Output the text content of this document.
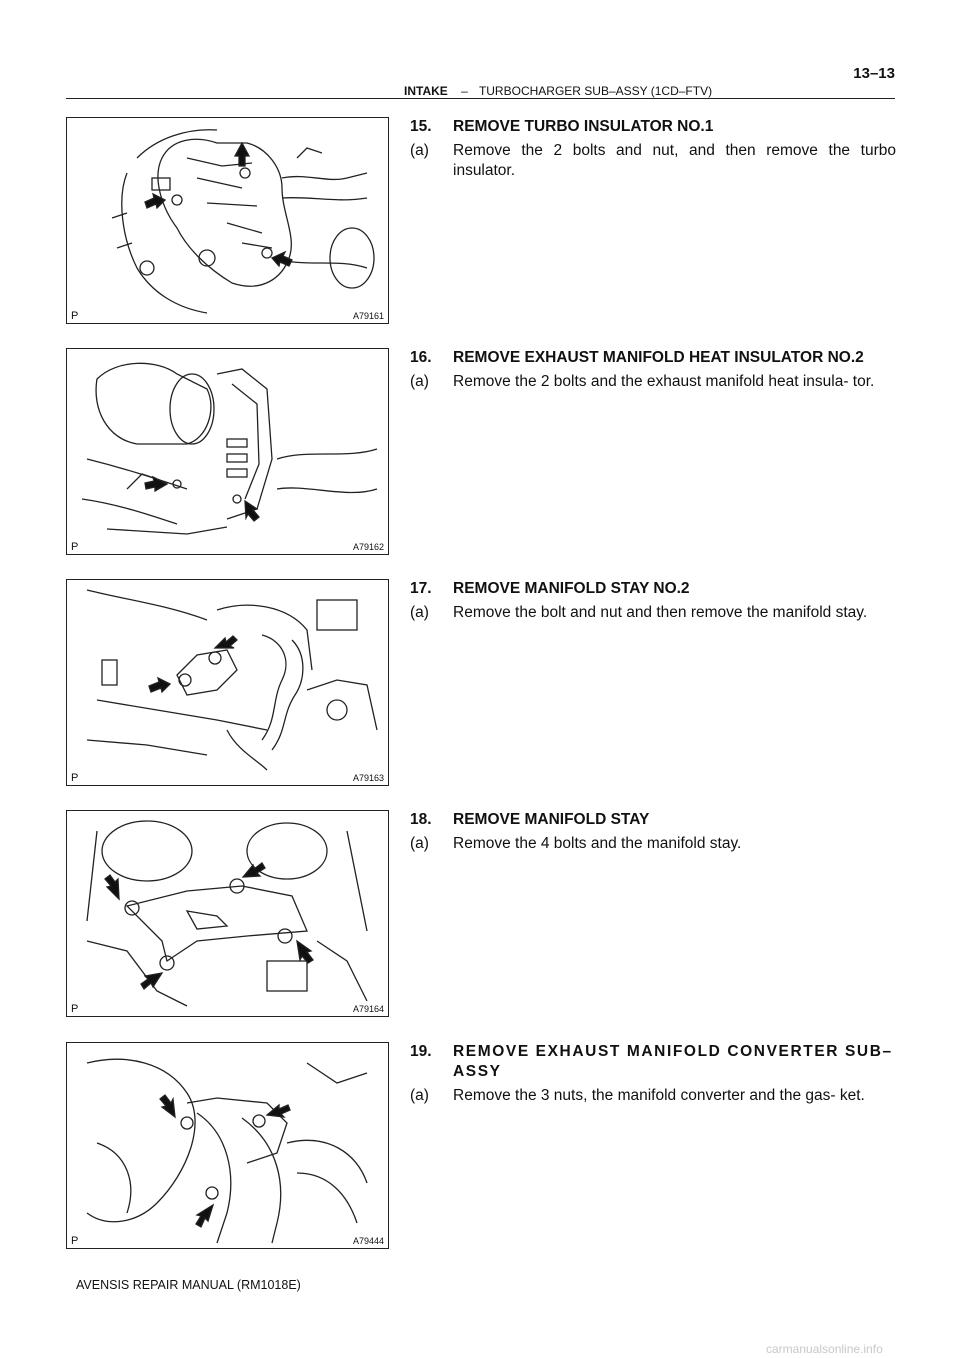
INTAKE – TURBOCHARGER SUB–ASSY (1CD–FTV)
13–13
P	A79161
P	A79162
P	A79163
P	A79164
P	A79444
15.	REMOVE TURBO INSULATOR NO.1
(a)	Remove the 2 bolts and nut, and then remove the turbo insulator.
16.	REMOVE EXHAUST MANIFOLD HEAT INSULATOR NO.2
(a)	Remove the 2 bolts and the exhaust manifold heat insula- tor.
17.	REMOVE MANIFOLD STAY NO.2
(a)	Remove the bolt and nut and then remove the manifold stay.
18.	REMOVE MANIFOLD STAY
(a)	Remove the 4 bolts and the manifold stay.
19.	REMOVE EXHAUST MANIFOLD CONVERTER SUB–ASSY
(a)	Remove the 3 nuts, the manifold converter and the gas- ket.
AVENSIS REPAIR MANUAL (RM1018E)
carmanualsonline.info
